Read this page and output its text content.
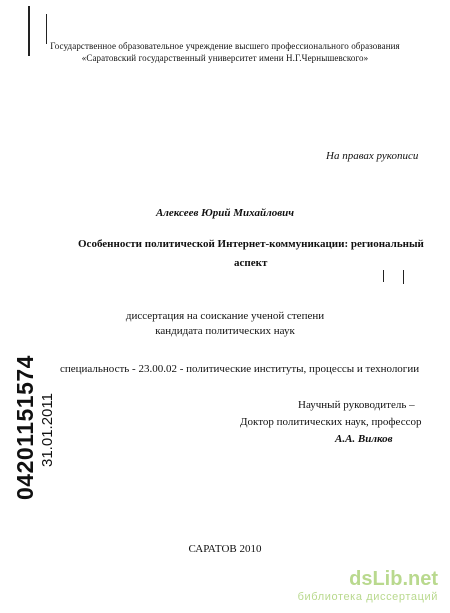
Государственное образовательное учреждение высшего профессионального образования
«Саратовский государственный университет имени Н.Г.Чернышевского»
На правах рукописи
Алексеев Юрий Михайлович
Особенности политической Интернет-коммуникации: региональный
аспект
диссертация на соискание ученой степени
кандидата политических наук
специальность - 23.00.02 - политические институты, процессы и технологии
Научный руководитель –
Доктор политических наук, профессор
А.А. Вилков
САРАТОВ 2010
04201151574 31.01.2011
dsLib.net
библиотека диссертаций
